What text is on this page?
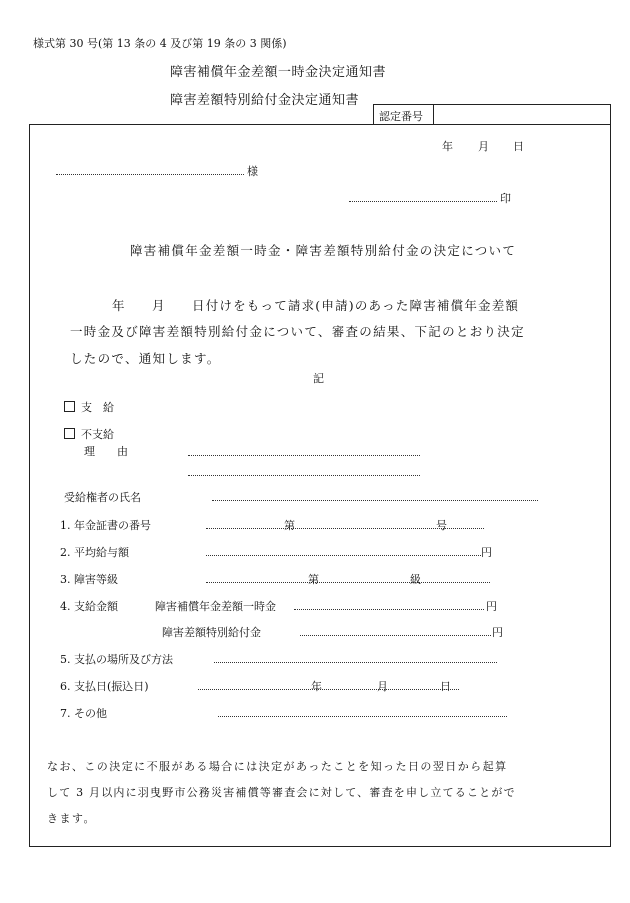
様式第 30 号(第 13 条の 4 及び第 19 条の 3 関係)
障害補償年金差額一時金決定通知書
障害差額特別給付金決定通知書
認定番号
年 月 日
様
印
障害補償年金差額一時金・障害差額特別給付金の決定について
年 月 日付けをもって請求(申請)のあった障害補償年金差額
一時金及び障害差額特別給付金について、審査の結果、下記のとおり決定
したので、通知します。
記
支　給
不支給
理　　由
受給権者の氏名
1. 年金証書の番号	第	号
2. 平均給与額	円
3. 障害等級	第	級
4. 支給金額	障害補償年金差額一時金	円
障害差額特別給付金	円
5. 支払の場所及び方法
6. 支払日(振込日)	年	月	日
7. その他
なお、この決定に不服がある場合には決定があったことを知った日の翌日から起算
して 3 月以内に羽曳野市公務災害補償等審査会に対して、審査を申し立てることがで
きます。
